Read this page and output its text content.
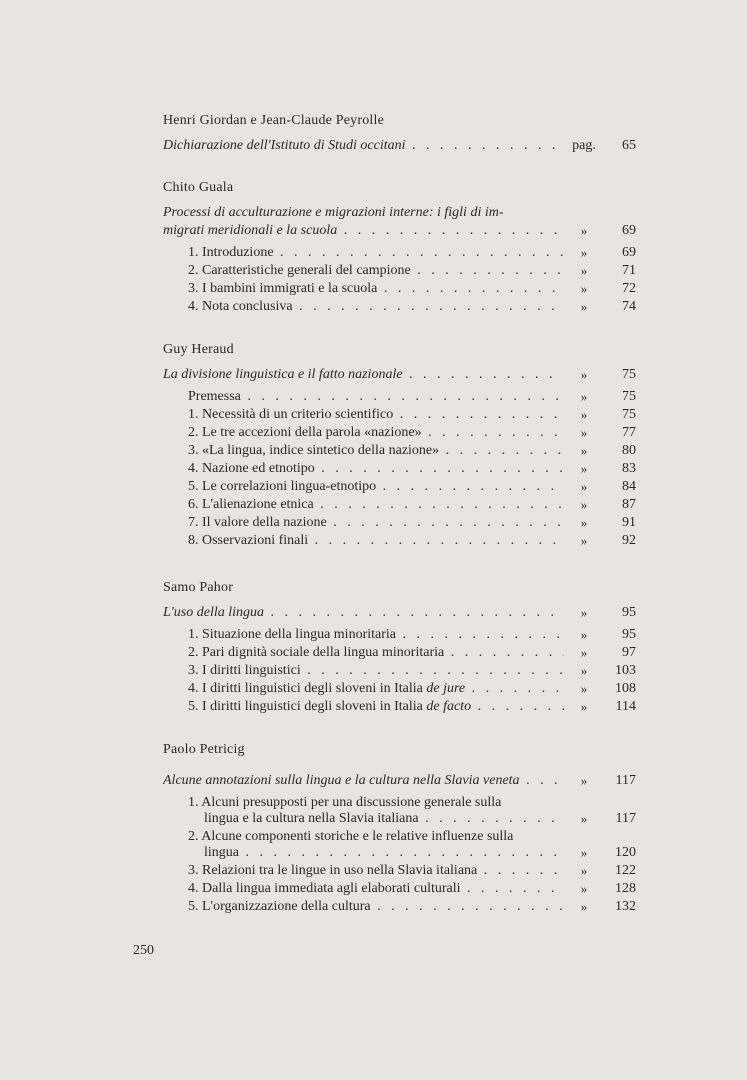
Henri Giordan e Jean-Claude Peyrolle
Dichiarazione dell'Istituto di Studi occitani .   .	pag.	65
Chito Guala
Processi di acculturazione e migrazioni interne: i figli di im-
migrati meridionali e la scuola .   .	»	69
1. Introduzione .   .	»	69
2. Caratteristiche generali del campione .   .	»	71
3. I bambini immigrati e la scuola .   .	»	72
4. Nota conclusiva .   .	»	74
Guy Heraud
La divisione linguistica e il fatto nazionale .   .	»	75
Premessa .   .	»	75
1. Necessità di un criterio scientifico .   .	»	75
2. Le tre accezioni della parola «nazione» .   .	»	77
3. «La lingua, indice sintetico della nazione» .   .	»	80
4. Nazione ed etnotipo .   .	»	83
5. Le correlazioni lingua-etnotipo .   .	»	84
6. L'alienazione etnica .   .	»	87
7. Il valore della nazione .   .	»	91
8. Osservazioni finali .   .	»	92
Samo Pahor
L'uso della lingua .   .	»	95
1. Situazione della lingua minoritaria .   .	»	95
2. Pari dignità sociale della lingua minoritaria .   .	»	97
3. I diritti linguistici .   .	»	103
4. I diritti linguistici degli sloveni in Italia de jure .   .	»	108
5. I diritti linguistici degli sloveni in Italia de facto .   .	»	114
Paolo Petricig
Alcune annotazioni sulla lingua e la cultura nella Slavia veneta .   .	»	117
1. Alcuni presupposti per una discussione generale sulla
lingua e la cultura nella Slavia italiana .   .	»	117
2. Alcune componenti storiche e le relative influenze sulla
lingua .   .	»	120
3. Relazioni tra le lingue in uso nella Slavia italiana .   .	»	122
4. Dalla lingua immediata agli elaborati culturali .   .	»	128
5. L'organizzazione della cultura .   .	»	132
250
